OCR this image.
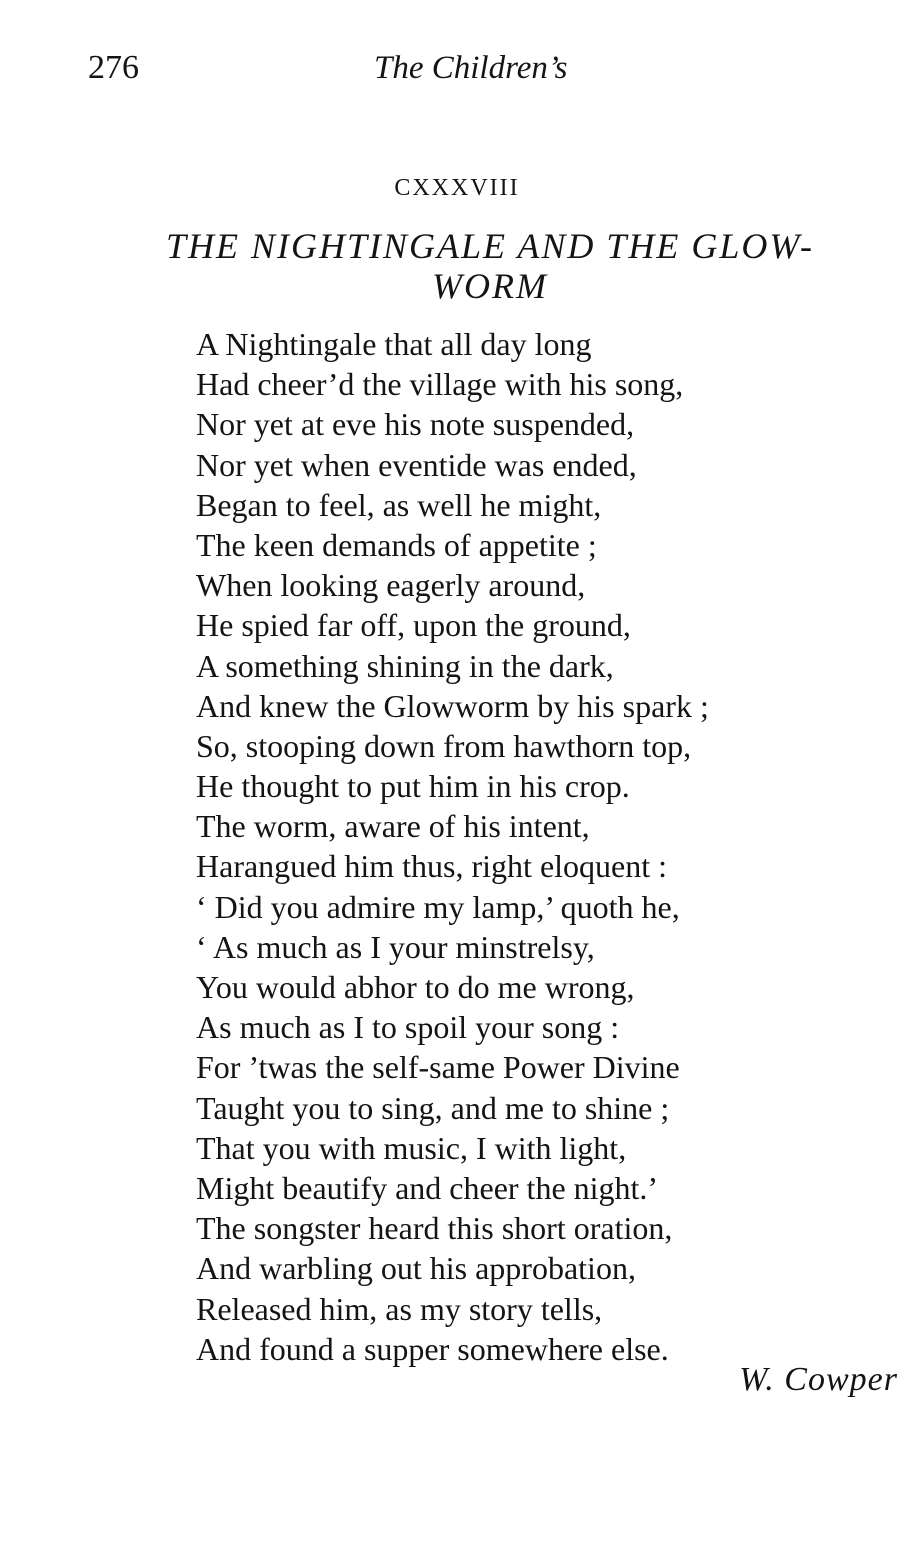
276	The Children’s
CXXXVIII
THE NIGHTINGALE AND THE GLOW-
WORM
A Nightingale that all day long
Had cheer’d the village with his song,
Nor yet at eve his note suspended,
Nor yet when eventide was ended,
Began to feel, as well he might,
The keen demands of appetite ;
When looking eagerly around,
He spied far off, upon the ground,
A something shining in the dark,
And knew the Glowworm by his spark ;
So, stooping down from hawthorn top,
He thought to put him in his crop.
The worm, aware of his intent,
Harangued him thus, right eloquent :
‘ Did you admire my lamp,’ quoth he,
‘ As much as I your minstrelsy,
You would abhor to do me wrong,
As much as I to spoil your song :
For ’twas the self-same Power Divine
Taught you to sing, and me to shine ;
That you with music, I with light,
Might beautify and cheer the night.’
The songster heard this short oration,
And warbling out his approbation,
Released him, as my story tells,
And found a supper somewhere else.
W. Cowper
